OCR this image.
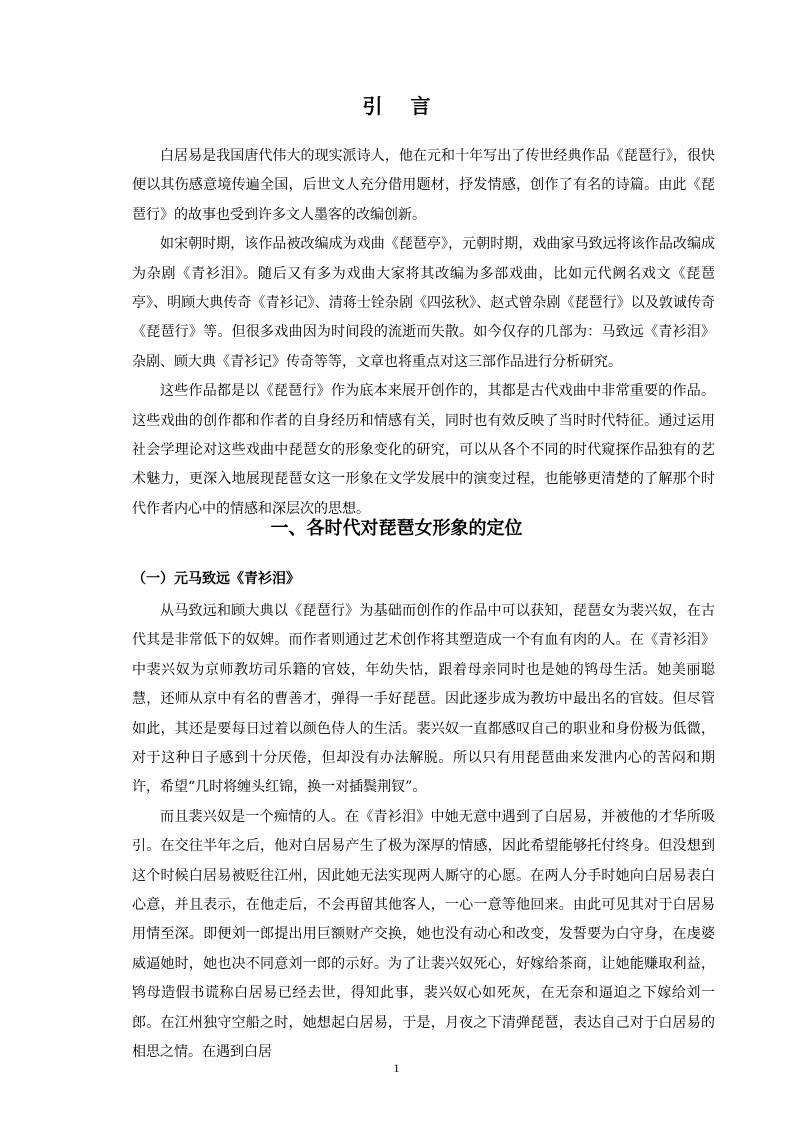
引言

白居易是我国唐代伟大的现实派诗人，他在元和十年写出了传世经典作品《琵琶行》，很快便以其伤感意境传遍全国，后世文人充分借用题材，抒发情感，创作了有名的诗篇。由此《琵琶行》的故事也受到许多文人墨客的改编创新。

如宋朝时期，该作品被改编成为戏曲《琵琶亭》，元朝时期，戏曲家马致远将该作品改编成为杂剧《青衫泪》。随后又有多为戏曲大家将其改编为多部戏曲，比如元代阙名戏文《琵琶亭》、明顾大典传奇《青衫记》、清蒋士铨杂剧《四弦秋》、赵式曾杂剧《琵琶行》以及敦诚传奇《琵琶行》等。但很多戏曲因为时间段的流逝而失散。如今仅存的几部为：马致远《青衫泪》杂剧、顾大典《青衫记》传奇等等，文章也将重点对这三部作品进行分析研究。

这些作品都是以《琵琶行》作为底本来展开创作的，其都是古代戏曲中非常重要的作品。这些戏曲的创作都和作者的自身经历和情感有关，同时也有效反映了当时时代特征。通过运用社会学理论对这些戏曲中琵琶女的形象变化的研究，可以从各个不同的时代窥探作品独有的艺术魅力，更深入地展现琵琶女这一形象在文学发展中的演变过程，也能够更清楚的了解那个时代作者内心中的情感和深层次的思想。

一、各时代对琵琶女形象的定位
（一）元马致远《青衫泪》

从马致远和顾大典以《琵琶行》为基础而创作的作品中可以获知，琵琶女为裴兴奴，在古代其是非常低下的奴婢。而作者则通过艺术创作将其塑造成一个有血有肉的人。在《青衫泪》中裴兴奴为京师教坊司乐籍的官妓，年幼失怙，跟着母亲同时也是她的鸨母生活。她美丽聪慧，还师从京中有名的曹善才，弹得一手好琵琶。因此逐步成为教坊中最出名的官妓。但尽管如此，其还是要每日过着以颜色侍人的生活。裴兴奴一直都感叹自己的职业和身份极为低微，对于这种日子感到十分厌倦，但却没有办法解脱。所以只有用琵琶曲来发泄内心的苦闷和期许，希望“几时将缠头红锦，换一对插鬓荆钗”。

而且裴兴奴是一个痴情的人。在《青衫泪》中她无意中遇到了白居易，并被他的才华所吸引。在交往半年之后，他对白居易产生了极为深厚的情感，因此希望能够托付终身。但没想到这个时候白居易被贬往江州，因此她无法实现两人厮守的心愿。在两人分手时她向白居易表白心意，并且表示，在他走后，不会再留其他客人，一心一意等他回来。由此可见其对于白居易用情至深。即便刘一郎提出用巨额财产交换，她也没有动心和改变，发誓要为白守身，在虔婆威逼她时，她也决不同意刘一郎的示好。为了让裴兴奴死心，好嫁给茶商，让她能赚取利益，鸨母造假书谎称白居易已经去世，得知此事，裴兴奴心如死灰，在无奈和逼迫之下嫁给刘一郎。在江州独守空船之时，她想起白居易，于是，月夜之下清弹琵琶，表达自己对于白居易的相思之情。在遇到白居

1
